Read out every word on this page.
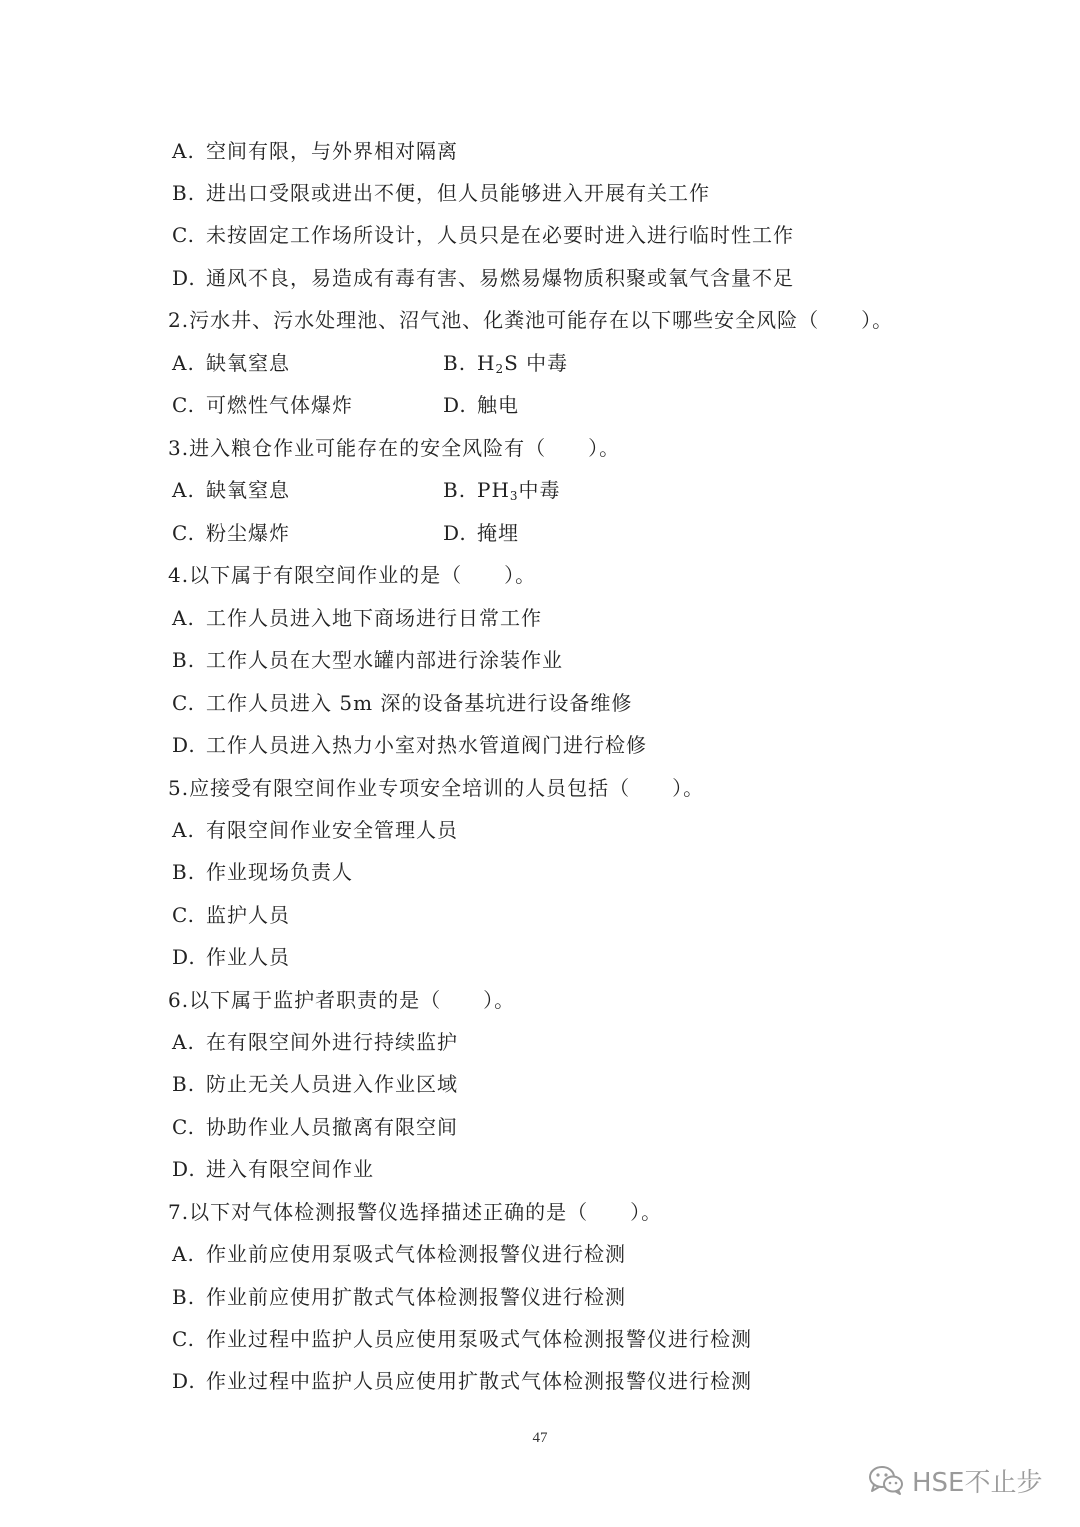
A. 空间有限，与外界相对隔离
B. 进出口受限或进出不便，但人员能够进入开展有关工作
C. 未按固定工作场所设计，人员只是在必要时进入进行临时性工作
D. 通风不良，易造成有毒有害、易燃易爆物质积聚或氧气含量不足
2.污水井、污水处理池、沼气池、化粪池可能存在以下哪些安全风险（　　）。
A. 缺氧窒息	B. $H_2S$ 中毒
C. 可燃性气体爆炸	D. 触电
3.进入粮仓作业可能存在的安全风险有（　　）。
A. 缺氧窒息	B. $PH_3$中毒
C. 粉尘爆炸	D. 掩埋
4.以下属于有限空间作业的是（　　）。
A. 工作人员进入地下商场进行日常工作
B. 工作人员在大型水罐内部进行涂装作业
C. 工作人员进入 5m 深的设备基坑进行设备维修
D. 工作人员进入热力小室对热水管道阀门进行检修
5.应接受有限空间作业专项安全培训的人员包括（　　）。
A. 有限空间作业安全管理人员
B. 作业现场负责人
C. 监护人员
D. 作业人员
6.以下属于监护者职责的是（　　）。
A. 在有限空间外进行持续监护
B. 防止无关人员进入作业区域
C. 协助作业人员撤离有限空间
D. 进入有限空间作业
7.以下对气体检测报警仪选择描述正确的是（　　）。
A. 作业前应使用泵吸式气体检测报警仪进行检测
B. 作业前应使用扩散式气体检测报警仪进行检测
C. 作业过程中监护人员应使用泵吸式气体检测报警仪进行检测
D. 作业过程中监护人员应使用扩散式气体检测报警仪进行检测
47
HSE不止步
